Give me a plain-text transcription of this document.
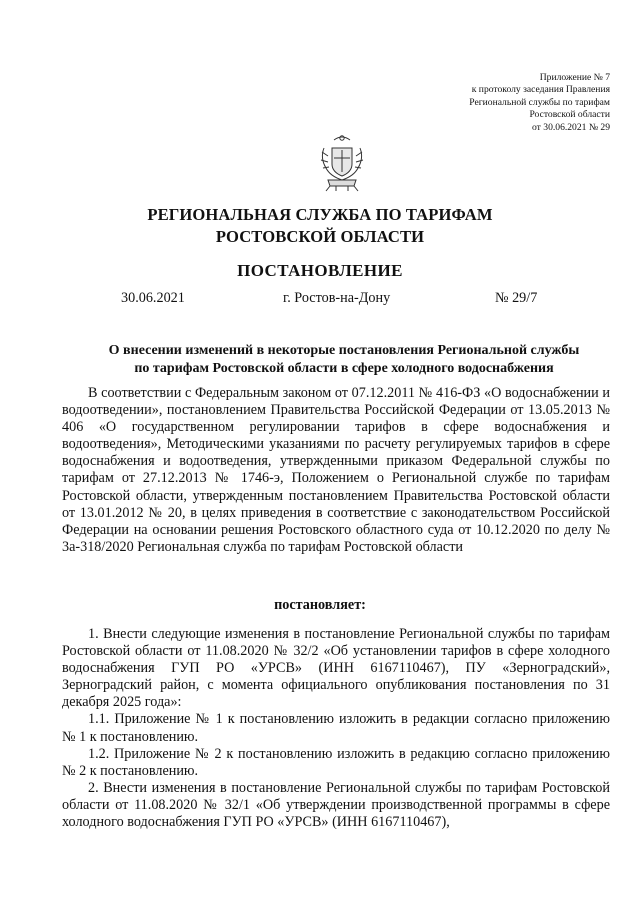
Приложение № 7
к протоколу заседания Правления
Региональной службы по тарифам
Ростовской области
от 30.06.2021 № 29
РЕГИОНАЛЬНАЯ СЛУЖБА ПО ТАРИФАМ
РОСТОВСКОЙ ОБЛАСТИ
ПОСТАНОВЛЕНИЕ
30.06.2021	г. Ростов-на-Дону	№ 29/7
О внесении изменений в некоторые постановления Региональной службы
по тарифам Ростовской области в сфере холодного водоснабжения

В соответствии с Федеральным законом от 07.12.2011 № 416-ФЗ «О водоснабжении и водоотведении», постановлением Правительства Российской Федерации от 13.05.2013 № 406 «О государственном регулировании тарифов в сфере водоснабжения и водоотведения», Методическими указаниями по расчету регулируемых тарифов в сфере водоснабжения и водоотведения, утвержденными приказом Федеральной службы по тарифам от 27.12.2013 № 1746-э, Положением о Региональной службе по тарифам Ростовской области, утвержденным постановлением Правительства Ростовской области от 13.01.2012 № 20, в целях приведения в соответствие с законодательством Российской Федерации на основании решения Ростовского областного суда от 10.12.2020 по делу № 3а-318/2020 Региональная служба по тарифам Ростовской области

постановляет:

1. Внести следующие изменения в постановление Региональной службы по тарифам Ростовской области от 11.08.2020 № 32/2 «Об установлении тарифов в сфере холодного водоснабжения ГУП РО «УРСВ» (ИНН 6167110467), ПУ «Зерноградский», Зерноградский район, с момента официального опубликования постановления по 31 декабря 2025 года»:

1.1. Приложение № 1 к постановлению изложить в редакции согласно приложению № 1 к постановлению.

1.2. Приложение № 2 к постановлению изложить в редакцию согласно приложению № 2 к постановлению.

2. Внести изменения в постановление Региональной службы по тарифам Ростовской области от 11.08.2020 № 32/1 «Об утверждении производственной программы в сфере холодного водоснабжения ГУП РО «УРСВ» (ИНН 6167110467),
